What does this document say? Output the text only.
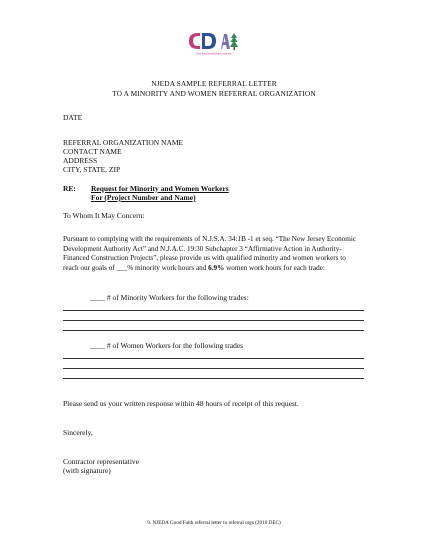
Economic Development Authority
NJEDA SAMPLE REFERRAL LETTER
TO A MINORITY AND WOMEN REFERRAL ORGANIZATION
DATE
REFERRAL ORGANIZATION NAME
CONTACT NAME
ADDRESS
CITY, STATE, ZIP
RE: Request for Minority and Women Workers
For (Project Number and Name)
To Whom It May Concern:
Pursuant to complying with the requirements of N.J.S.A. 34:1B -1 et seq. “The New Jersey Economic Development Authority Act” and N.J.A.C. 19:30 Subchapter 3 “Affirmative Action in Authority-Financed Construction Projects”, please provide us with qualified minority and women workers to reach our goals of ___% minority work hours and 6.9% women work hours for each trade:
____ # of Minority Workers for the following trades:
____ # of Women Workers for the following trades
Please send us your written response within 48 hours of receipt of this request.
Sincerely,
Contractor representative
(with signature)
9. NJEDA Good Faith referral letter to referral orgs (2010 DEC)
